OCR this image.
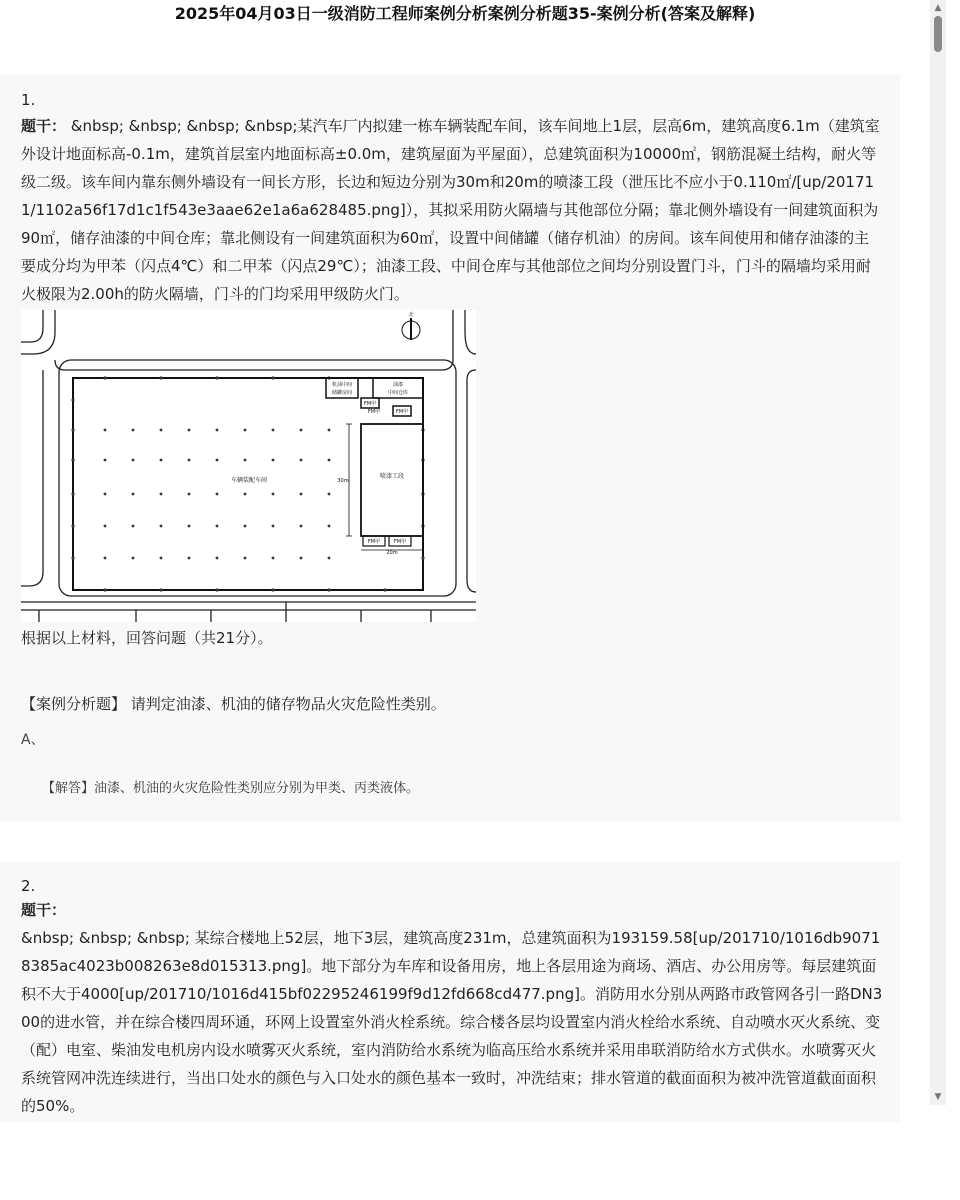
2025年04月03日一级消防工程师案例分析案例分析题35-案例分析(答案及解释)
1.

题干： &nbsp; &nbsp; &nbsp; &nbsp;某汽车厂内拟建一栋车辆装配车间，该车间地上1层，层高6m，建筑高度6.1m（建筑室外设计地面标高-0.1m，建筑首层室内地面标高±0.0m，建筑屋面为平屋面），总建筑面积为10000㎡，钢筋混凝土结构，耐火等级二级。该车间内靠东侧外墙设有一间长方形，长边和短边分别为30m和20m的喷漆工段（泄压比不应小于0.110㎡/[up/201711/1102a56f17d1c1f543e3aae62e1a6a628485.png]），其拟采用防火隔墙与其他部位分隔；靠北侧外墙设有一间建筑面积为90㎡，储存油漆的中间仓库；靠北侧设有一间建筑面积为60㎡，设置中间储罐（储存机油）的房间。该车间使用和储存油漆的主要成分均为甲苯（闪点4℃）和二甲苯（闪点29℃）；油漆工段、中间仓库与其他部位之间均分别设置门斗，门斗的隔墙均采用耐火极限为2.00h的防火隔墙，门斗的门均采用甲级防火门。

机油中间
储罐房间
油漆
中间仓库
FM甲
FM甲	FM甲
30m
喷漆工段
FM甲	FM甲
20m
车辆装配车间
北
根据以上材料，回答问题（共21分）。
【案例分析题】 请判定油漆、机油的储存物品火灾危险性类别。
A、
【解答】油漆、机油的火灾危险性类别应分别为甲类、丙类液体。
2.
题干：

&nbsp; &nbsp; &nbsp; 某综合楼地上52层，地下3层，建筑高度231m，总建筑面积为193159.58[up/201710/1016db90718385ac4023b008263e8d015313.png]。地下部分为车库和设备用房，地上各层用途为商场、酒店、办公用房等。每层建筑面积不大于4000[up/201710/1016d415bf02295246199f9d12fd668cd477.png]。消防用水分别从两路市政管网各引一路DN300的进水管，并在综合楼四周环通，环网上设置室外消火栓系统。综合楼各层均设置室内消火栓给水系统、自动喷水灭火系统、变（配）电室、柴油发电机房内设水喷雾灭火系统，室内消防给水系统为临高压给水系统并采用串联消防给水方式供水。水喷雾灭火系统管网冲洗连续进行，当出口处水的颜色与入口处水的颜色基本一致时，冲洗结束；排水管道的截面面积为被冲洗管道截面面积的50%。

▲
▼
